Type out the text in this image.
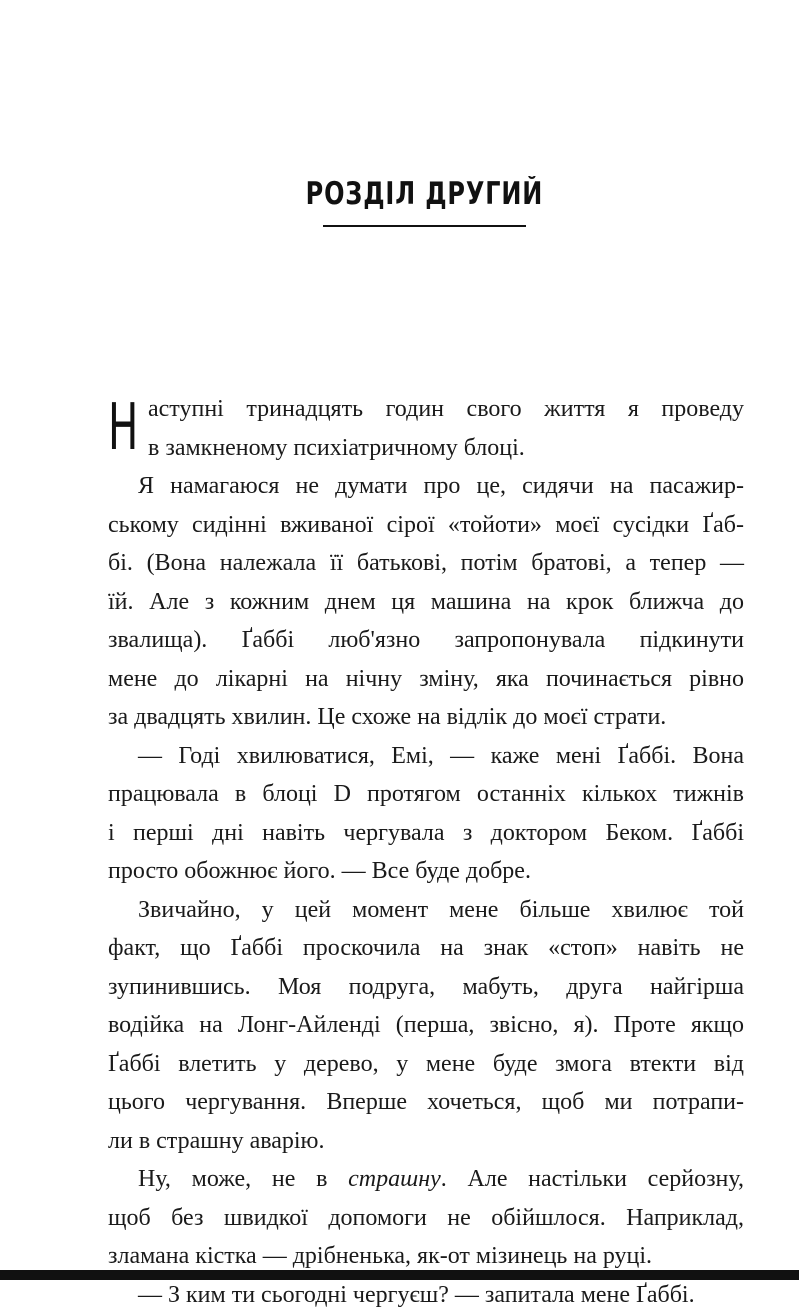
РОЗДІЛ ДРУГИЙ
Н аступні тринадцять годин свого життя я проведу
в замкненому психіатричному блоці.
Я намагаюся не думати про це, сидячи на пасажир-
ському сидінні вживаної сірої «тойоти» моєї сусідки Ґаб-
бі. (Вона належала її батькові, потім братові, а тепер —
їй. Але з кожним днем ця машина на крок ближча до
звалища). Ґаббі люб'язно запропонувала підкинути
мене до лікарні на нічну зміну, яка починається рівно
за двадцять хвилин. Це схоже на відлік до моєї страти.
— Годі хвилюватися, Емі, — каже мені Ґаббі. Вона
працювала в блоці D протягом останніх кількох тижнів
і перші дні навіть чергувала з доктором Беком. Ґаббі
просто обожнює його. — Все буде добре.
Звичайно, у цей момент мене більше хвилює той
факт, що Ґаббі проскочила на знак «стоп» навіть не
зупинившись. Моя подруга, мабуть, друга найгірша
водійка на Лонг-Айленді (перша, звісно, я). Проте якщо
Ґаббі влетить у дерево, у мене буде змога втекти від
цього чергування. Вперше хочеться, щоб ми потрапи-
ли в страшну аварію.
Ну, може, не в страшну. Але настільки серйозну,
щоб без швидкої допомоги не обійшлося. Наприклад,
зламана кістка — дрібненька, як-от мізинець на руці.
— З ким ти сьогодні чергуєш? — запитала мене Ґаббі.
